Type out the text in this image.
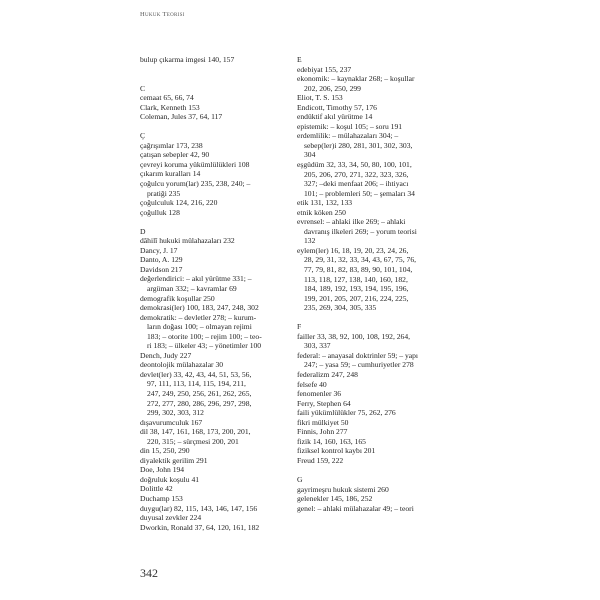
Hukuk Teorisi
bulup çıkarma imgesi 140, 157
C
cemaat 65, 66, 74
Clark, Kenneth 153
Coleman, Jules 37, 64, 117
Ç
çağrışımlar 173, 238
çatışan sebepler 42, 90
çevreyi koruma yükümlülükleri 108
çıkarım kuralları 14
çoğulcu yorum(lar) 235, 238, 240; –
pratiği 235
çoğulculuk 124, 216, 220
çoğulluk 128
D
dâhilî hukuki mülahazaları 232
Dancy, J. 17
Danto, A. 129
Davidson 217
değerlendirici: – akıl yürütme 331; –
argüman 332; – kavramlar 69
demografik koşullar 250
demokrasi(ler) 100, 183, 247, 248, 302
demokratik: – devletler 278; – kurum-
ların doğası 100; – olmayan rejimi
183; – otorite 100; – rejim 100; – teo-
ri 183; – ülkeler 43; – yönetimler 100
Dench, Judy 227
deontolojik mülahazalar 30
devlet(ler) 33, 42, 43, 44, 51, 53, 56,
97, 111, 113, 114, 115, 194, 211,
247, 249, 250, 256, 261, 262, 265,
272, 277, 280, 286, 296, 297, 298,
299, 302, 303, 312
dışavurumculuk 167
dil 38, 147, 161, 168, 173, 200, 201,
220, 315; – sürçmesi 200, 201
din 15, 250, 290
diyalektik gerilim 291
Doe, John 194
doğruluk koşulu 41
Dolittle 42
Duchamp 153
duygu(lar) 82, 115, 143, 146, 147, 156
duyusal zevkler 224
Dworkin, Ronald 37, 64, 120, 161, 182
E
edebiyat 155, 237
ekonomik: – kaynaklar 268; – koşullar
202, 206, 250, 299
Eliot, T. S. 153
Endicott, Timothy 57, 176
endüktif akıl yürütme 14
epistemik: – koşul 105; – soru 191
erdemlilik: – mülahazaları 304; –
sebep(ler)i 280, 281, 301, 302, 303,
304
eşgüdüm 32, 33, 34, 50, 80, 100, 101,
205, 206, 270, 271, 322, 323, 326,
327; –deki menfaat 206; – ihtiyacı
101; – problemleri 50; – şemaları 34
etik 131, 132, 133
etnik köken 250
evrensel: – ahlaki ilke 269; – ahlaki
davranış ilkeleri 269; – yorum teorisi
132
eylem(ler) 16, 18, 19, 20, 23, 24, 26,
28, 29, 31, 32, 33, 34, 43, 67, 75, 76,
77, 79, 81, 82, 83, 89, 90, 101, 104,
113, 118, 127, 138, 140, 160, 182,
184, 189, 192, 193, 194, 195, 196,
199, 201, 205, 207, 216, 224, 225,
235, 269, 304, 305, 335
F
failler 33, 38, 92, 100, 108, 192, 264,
303, 337
federal: – anayasal doktrinler 59; – yapı
247; – yasa 59; – cumhuriyetler 278
federalizm 247, 248
felsefe 40
fenomenler 36
Ferry, Stephen 64
faili yükümlülükler 75, 262, 276
fikri mülkiyet 50
Finnis, John 277
fizik 14, 160, 163, 165
fiziksel kontrol kaybı 201
Freud 159, 222
G
gayrimeşru hukuk sistemi 260
gelenekler 145, 186, 252
genel: – ahlaki mülahazalar 49; – teori
342
